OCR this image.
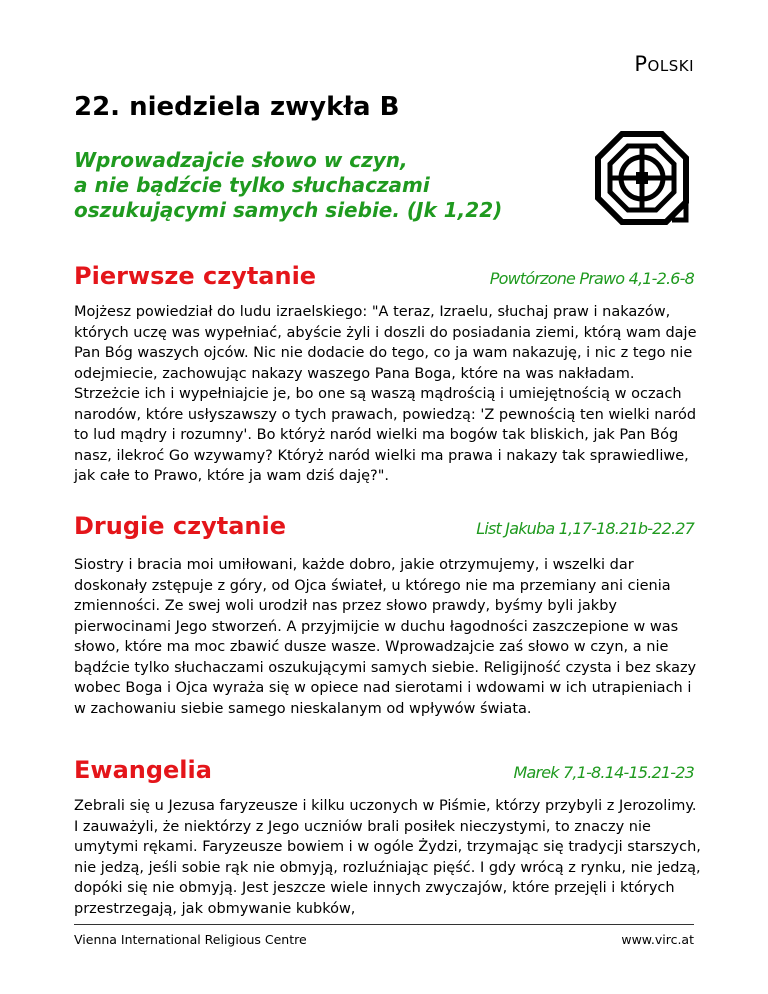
Polski
22. niedziela zwykła B
Wprowadzajcie słowo w czyn,
a nie bądźcie tylko słuchaczami
oszukującymi samych siebie. (Jk 1,22)
Pierwsze czytanie	Powtórzone Prawo 4,1-2.6-8

Mojżesz powiedział do ludu izraelskiego: "A teraz, Izraelu, słuchaj praw i nakazów, których uczę was wypełniać, abyście żyli i doszli do posiadania ziemi, którą wam daje Pan Bóg waszych ojców. Nic nie dodacie do tego, co ja wam nakazuję, i nic z tego nie odejmiecie, zachowując nakazy waszego Pana Boga, które na was nakładam. Strzeżcie ich i wypełniajcie je, bo one są waszą mądrością i umiejętnością w oczach narodów, które usłyszawszy o tych prawach, powiedzą: 'Z pewnością ten wielki naród to lud mądry i rozumny'. Bo któryż naród wielki ma bogów tak bliskich, jak Pan Bóg nasz, ilekroć Go wzywamy? Któryż naród wielki ma prawa i nakazy tak sprawiedliwe, jak całe to Prawo, które ja wam dziś daję?".

Drugie czytanie	List Jakuba 1,17-18.21b-22.27

Siostry i bracia moi umiłowani, każde dobro, jakie otrzymujemy, i wszelki dar doskonały zstępuje z góry, od Ojca świateł, u którego nie ma przemiany ani cienia zmienności. Ze swej woli urodził nas przez słowo prawdy, byśmy byli jakby pierwocinami Jego stworzeń. A przyjmijcie w duchu łagodności zaszczepione w was słowo, które ma moc zbawić dusze wasze. Wprowadzajcie zaś słowo w czyn, a nie bądźcie tylko słuchaczami oszukującymi samych siebie. Religijność czysta i bez skazy wobec Boga i Ojca wyraża się w opiece nad sierotami i wdowami w ich utrapieniach i w zachowaniu siebie samego nieskalanym od wpływów świata.

Ewangelia	Marek 7,1-8.14-15.21-23

Zebrali się u Jezusa faryzeusze i kilku uczonych w Piśmie, którzy przybyli z Jerozolimy. I zauważyli, że niektórzy z Jego uczniów brali posiłek nieczystymi, to znaczy nie umytymi rękami. Faryzeusze bowiem i w ogóle Żydzi, trzymając się tradycji starszych, nie jedzą, jeśli sobie rąk nie obmyją, rozluźniając pięść. I gdy wrócą z rynku, nie jedzą, dopóki się nie obmyją. Jest jeszcze wiele innych zwyczajów, które przejęli i których przestrzegają, jak obmywanie kubków,

Vienna International Religious Centre	www.virc.at
